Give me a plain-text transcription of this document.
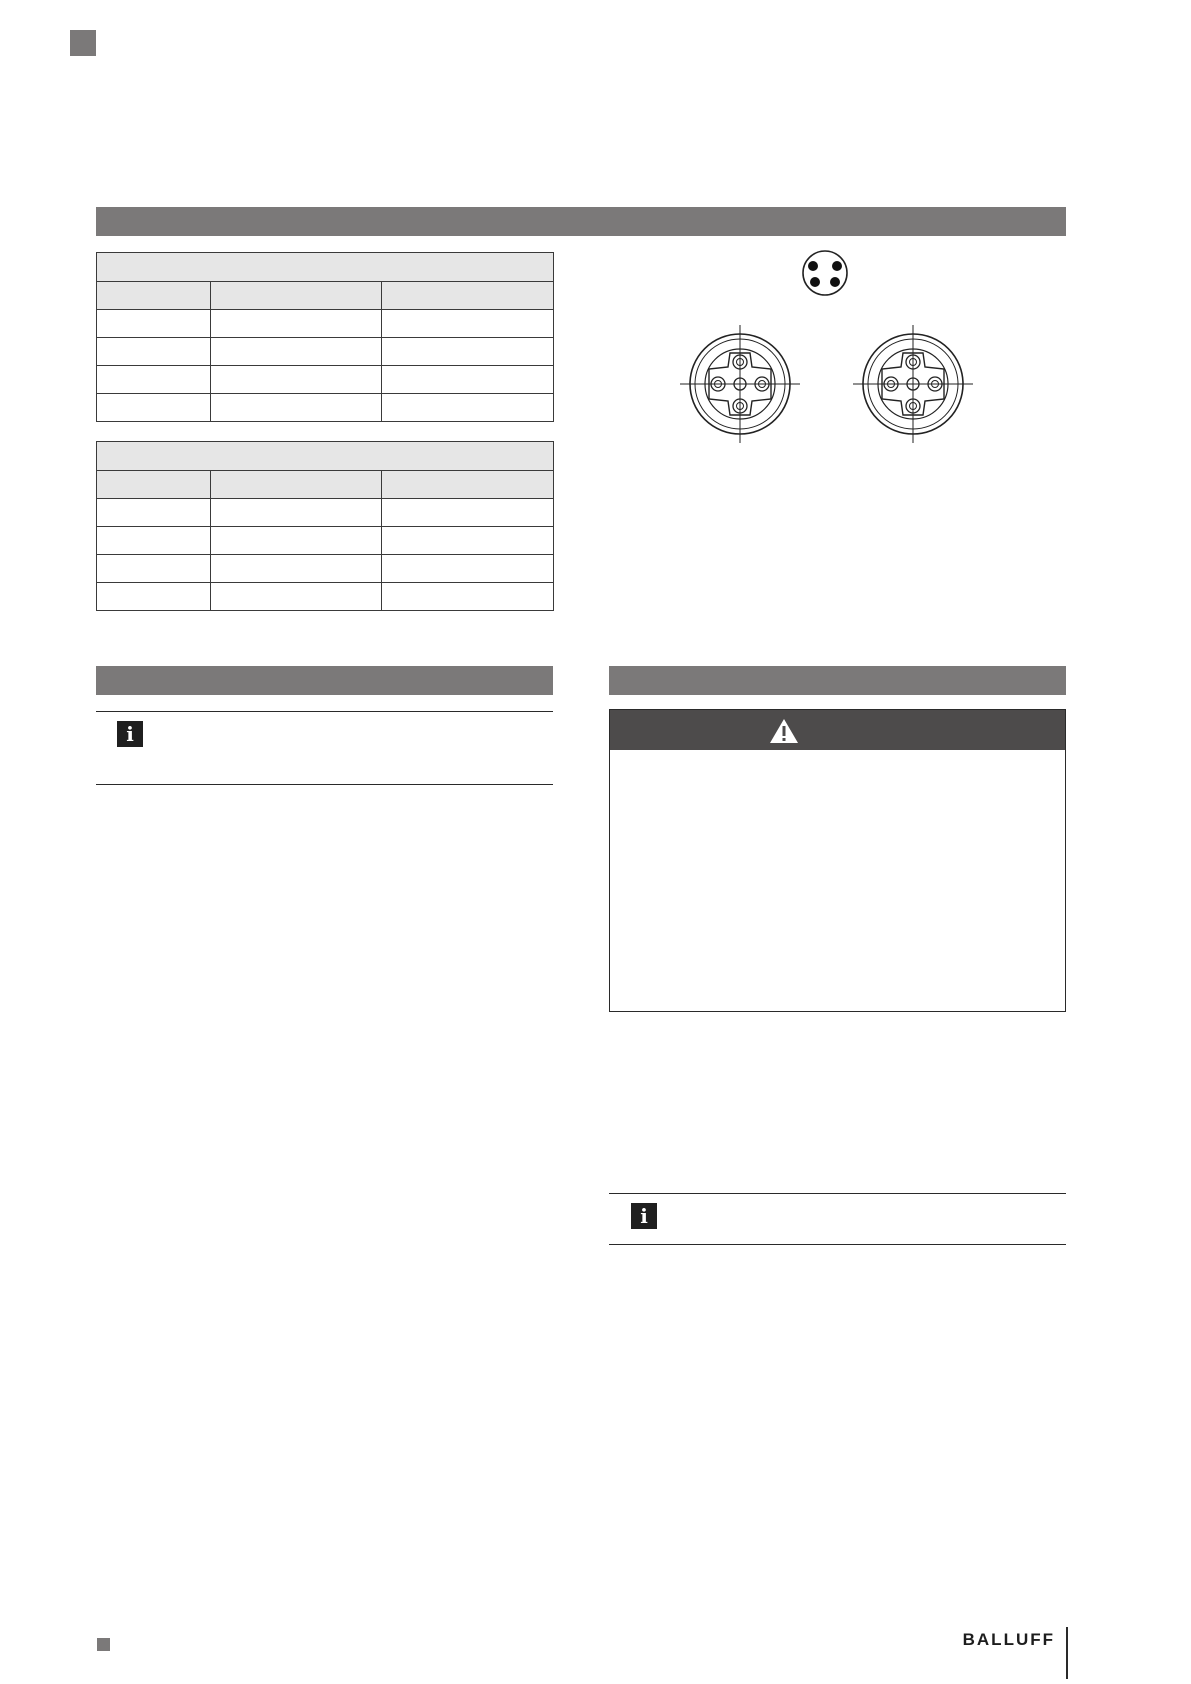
i
i
BALLUFF
